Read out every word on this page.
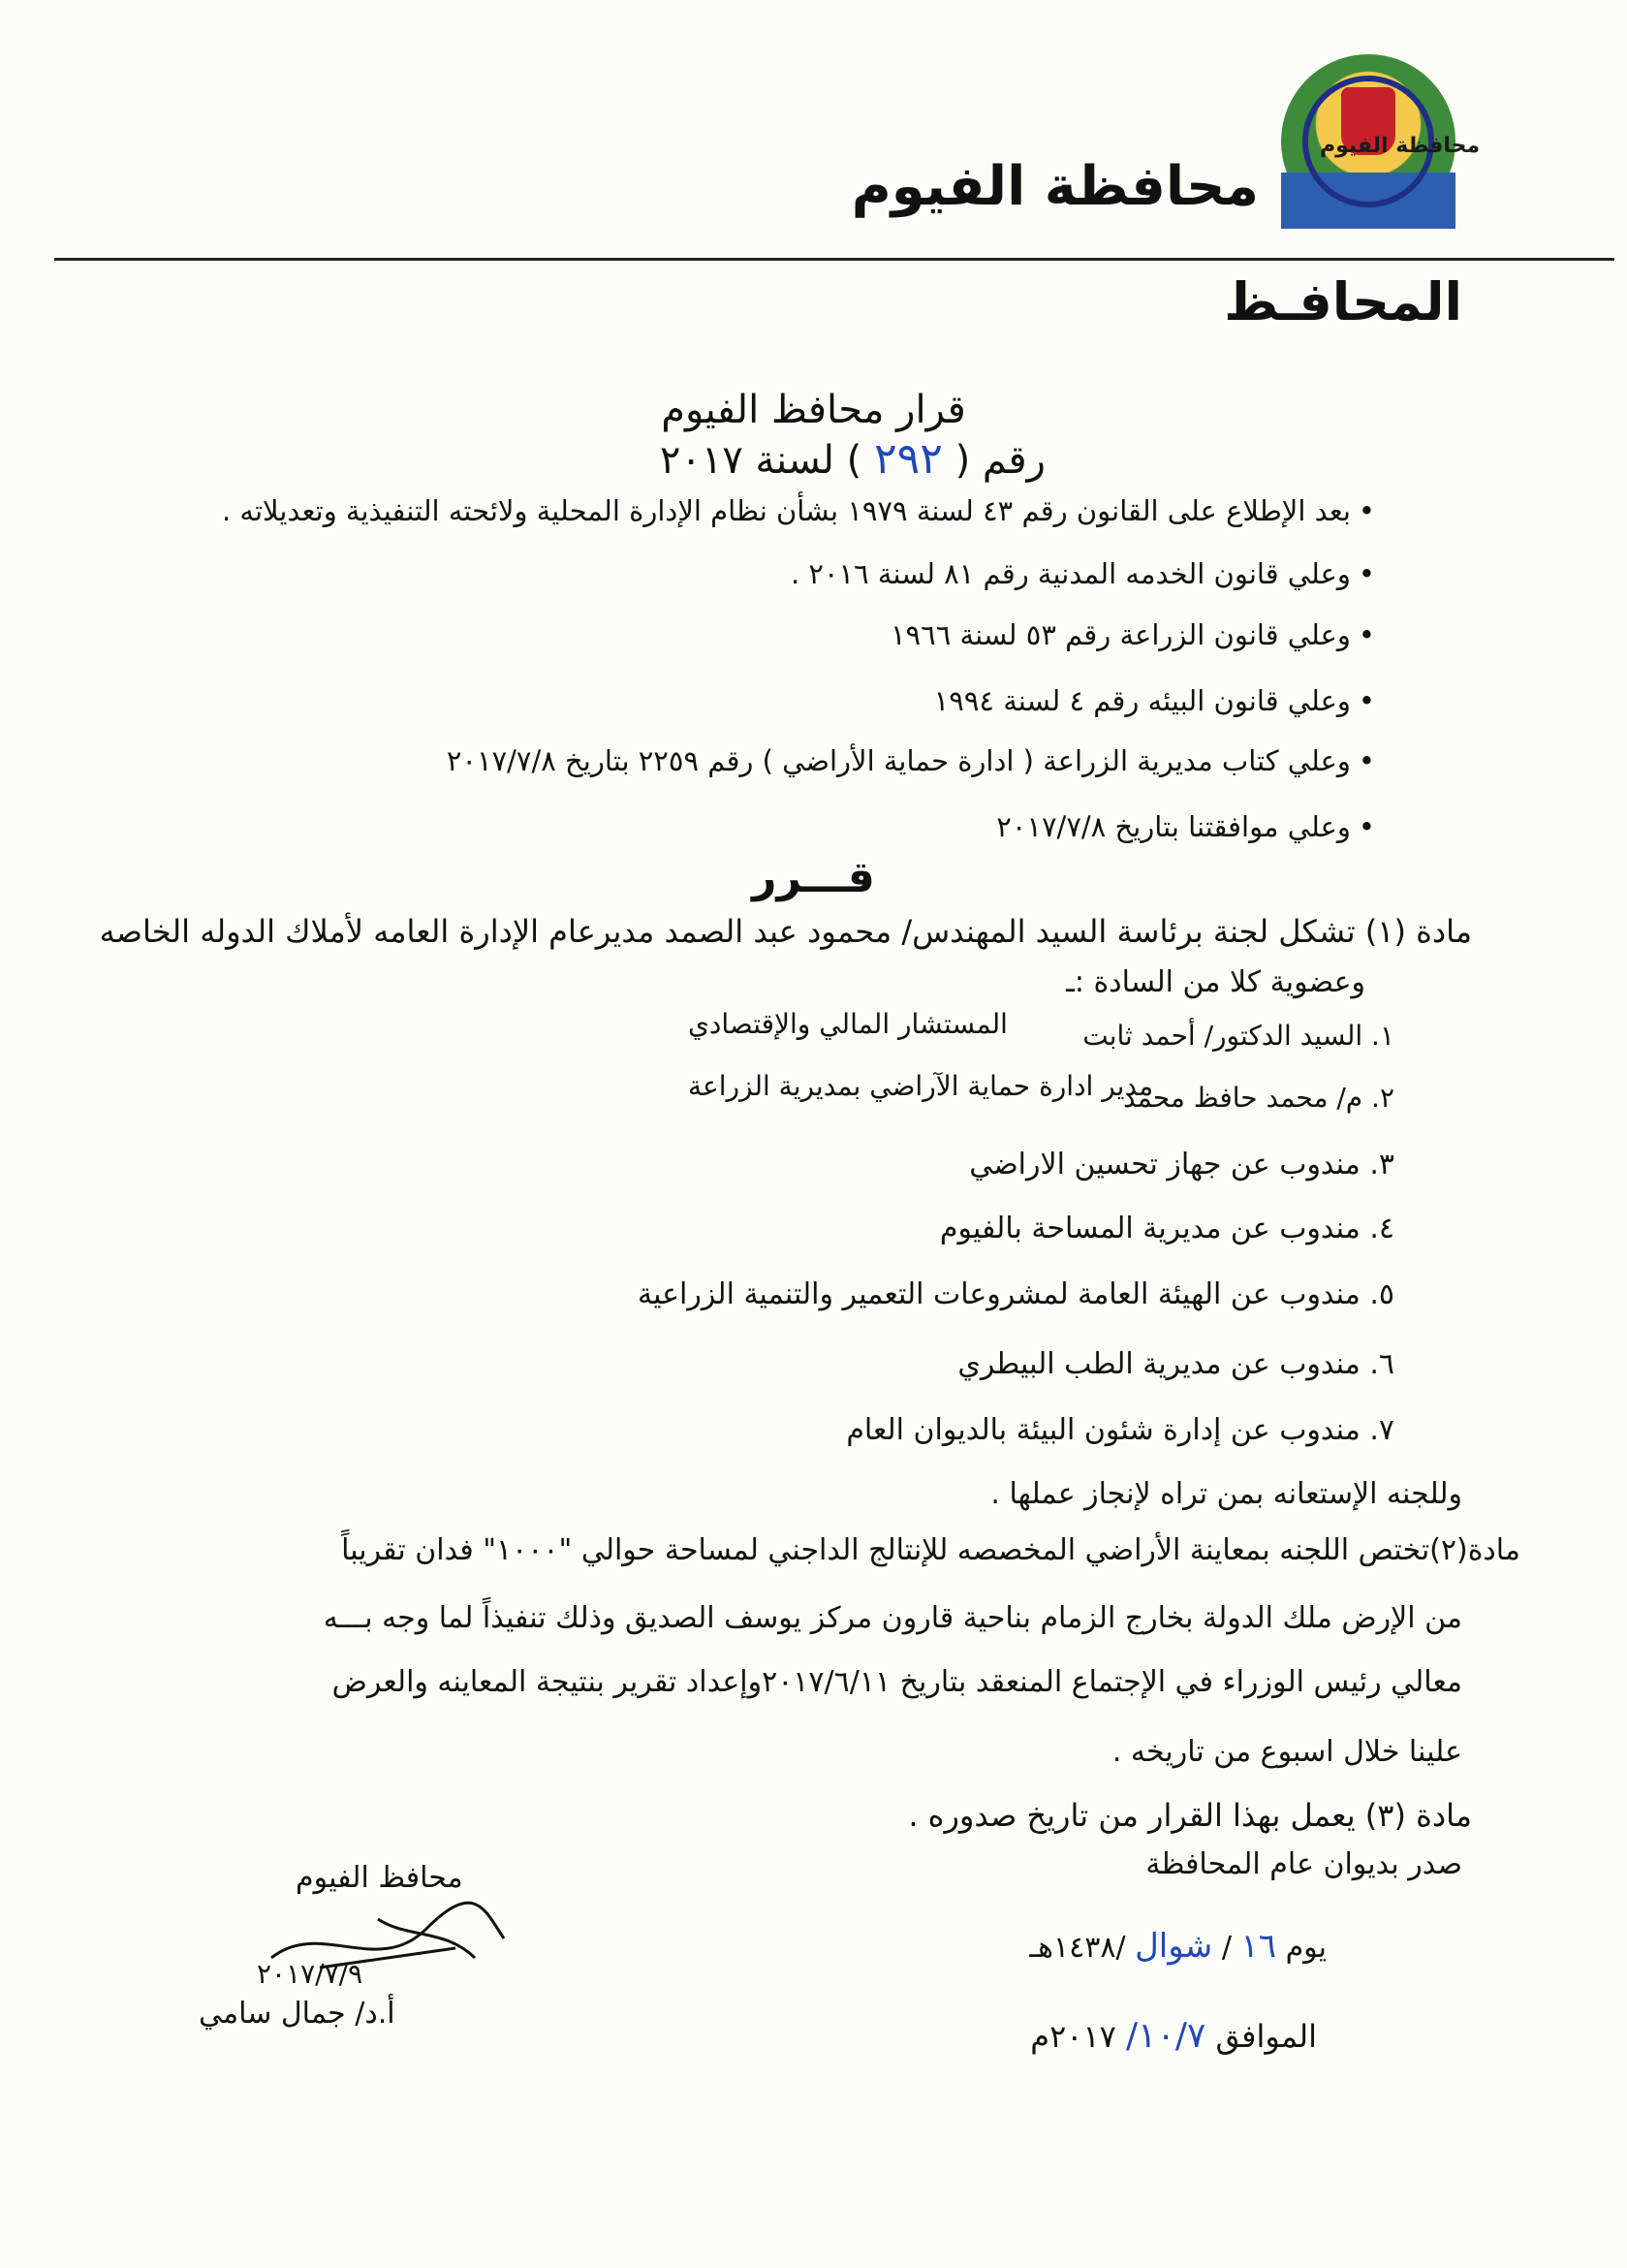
محافظة الفيوم
محافظة الفيوم
المحافـظ
قرار محافظ الفيوم
رقم ( ٢٩٢ ) لسنة ٢٠١٧
• بعد الإطلاع على القانون رقم ٤٣ لسنة ١٩٧٩ بشأن نظام الإدارة المحلية ولائحته التنفيذية وتعديلاته .
• وعلي قانون الخدمه المدنية رقم ٨١ لسنة ٢٠١٦ .
• وعلي قانون الزراعة رقم ٥٣ لسنة ١٩٦٦
• وعلي قانون البيئه رقم ٤ لسنة ١٩٩٤
• وعلي كتاب مديرية الزراعة ( ادارة حماية الأراضي ) رقم ٢٢٥٩ بتاريخ ٢٠١٧/٧/٨
• وعلي موافقتنا بتاريخ ٢٠١٧/٧/٨
قـــرر
مادة (١) تشكل لجنة برئاسة السيد المهندس/ محمود عبد الصمد مديرعام الإدارة العامه لأملاك الدوله الخاصه
وعضوية كلا من السادة :ـ
١. السيد الدكتور/ أحمد ثابت
المستشار المالي والإقتصادي
٢. م/ محمد حافظ محمد
مدير ادارة حماية الآراضي بمديرية الزراعة
٣. مندوب عن جهاز تحسين الاراضي
٤. مندوب عن مديرية المساحة بالفيوم
٥. مندوب عن الهيئة العامة لمشروعات التعمير والتنمية الزراعية
٦. مندوب عن مديرية الطب البيطري
٧. مندوب عن إدارة شئون البيئة بالديوان العام
وللجنه الإستعانه بمن تراه لإنجاز عملها .
مادة(٢)تختص اللجنه بمعاينة الأراضي المخصصه للإنتالج الداجني لمساحة حوالي "١٠٠٠" فدان تقريباً
من الإرض ملك الدولة بخارج الزمام بناحية قارون مركز يوسف الصديق وذلك تنفيذاً لما وجه بـــه
معالي رئيس الوزراء في الإجتماع المنعقد بتاريخ ٢٠١٧/٦/١١وإعداد تقرير بنتيجة المعاينه والعرض
علينا خلال اسبوع من تاريخه .
مادة (٣) يعمل بهذا القرار من تاريخ صدوره .
صدر بديوان عام المحافظة
يوم ١٦ / شوال /١٤٣٨هـ
الموافق ١٠/٧/ ٢٠١٧م
محافظ الفيوم
٢٠١٧/٧/٩
أ.د/ جمال سامي
